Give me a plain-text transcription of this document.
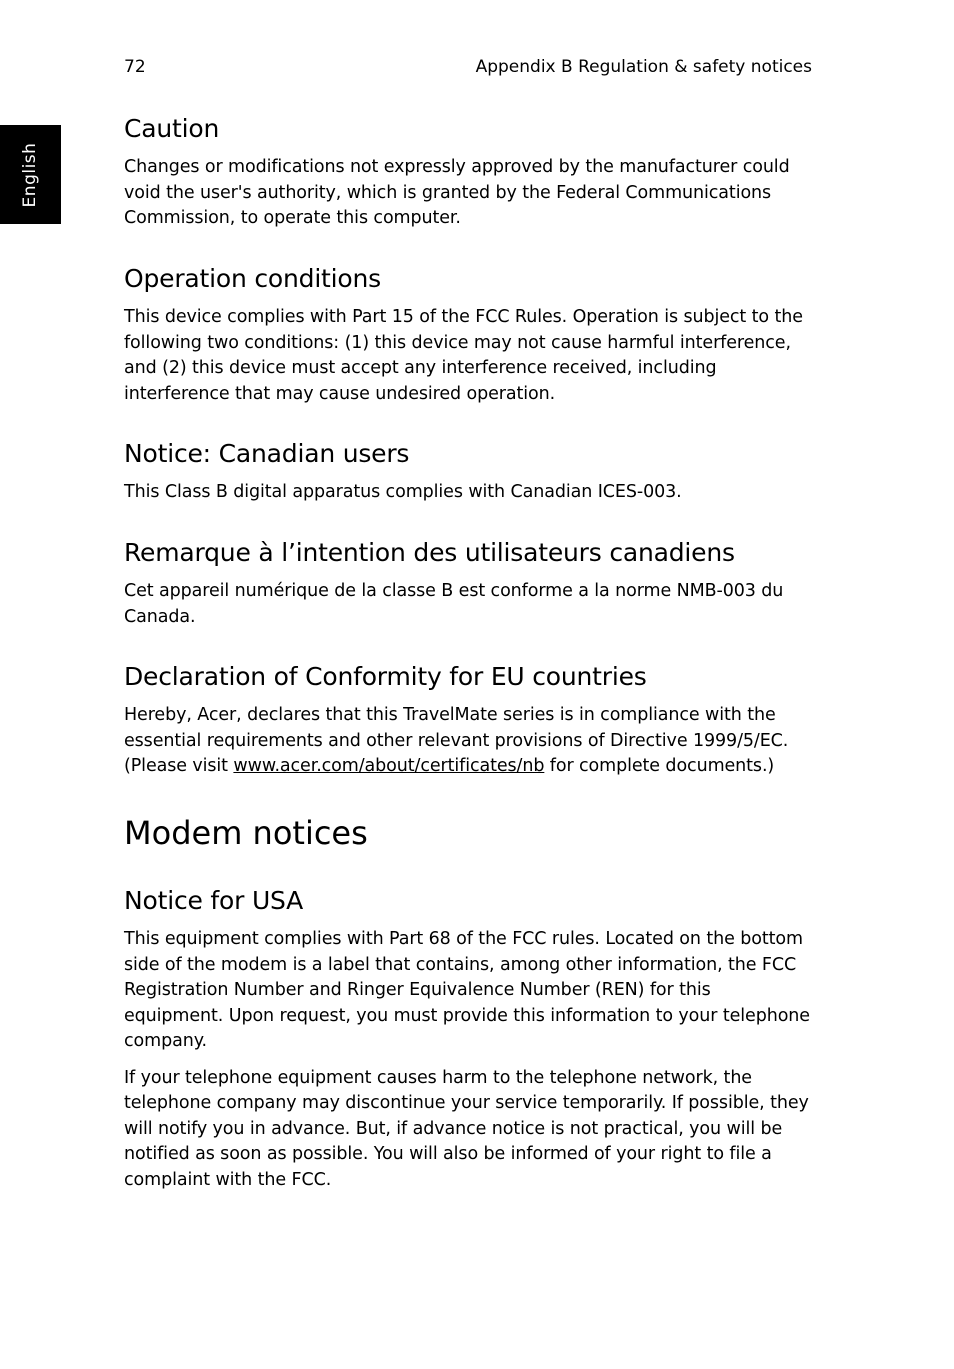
72	Appendix B Regulation & safety notices
English
Caution

Changes or modifications not expressly approved by the manufacturer could void the user's authority, which is granted by the Federal Communications Commission, to operate this computer.

Operation conditions

This device complies with Part 15 of the FCC Rules. Operation is subject to the following two conditions: (1) this device may not cause harmful interference, and (2) this device must accept any interference received, including interference that may cause undesired operation.

Notice: Canadian users

This Class B digital apparatus complies with Canadian ICES-003.

Remarque à l’intention des utilisateurs canadiens

Cet appareil numérique de la classe B est conforme a la norme NMB-003 du Canada.

Declaration of Conformity for EU countries

Hereby, Acer, declares that this TravelMate series is in compliance with the essential requirements and other relevant provisions of Directive 1999/5/EC. (Please visit www.acer.com/about/certificates/nb for complete documents.)

Modem notices
Notice for USA

This equipment complies with Part 68 of the FCC rules. Located on the bottom side of the modem is a label that contains, among other information, the FCC Registration Number and Ringer Equivalence Number (REN) for this equipment. Upon request, you must provide this information to your telephone company.

If your telephone equipment causes harm to the telephone network, the telephone company may discontinue your service temporarily. If possible, they will notify you in advance. But, if advance notice is not practical, you will be notified as soon as possible. You will also be informed of your right to file a complaint with the FCC.
